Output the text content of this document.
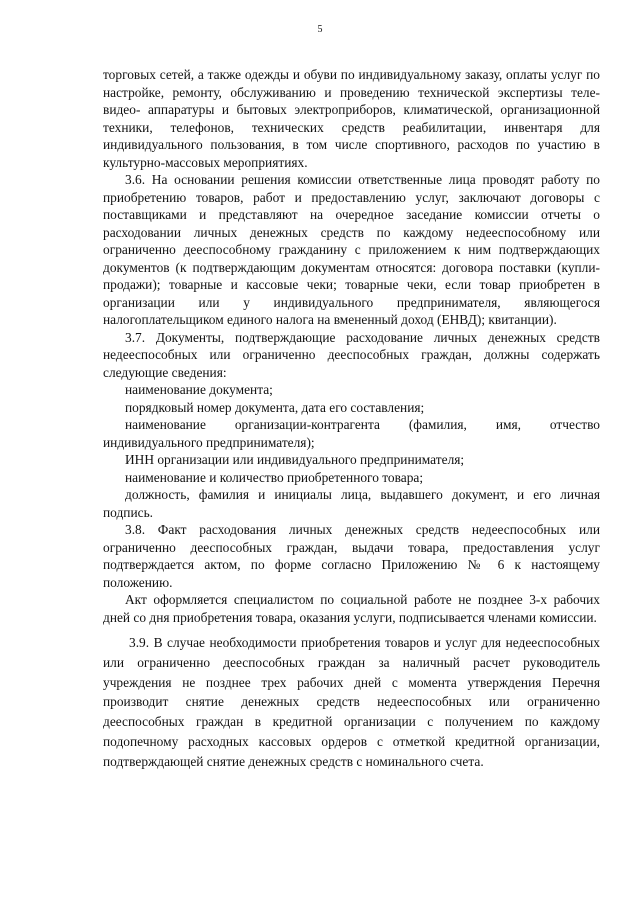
5

торговых сетей, а также одежды и обуви по индивидуальному заказу, оплаты услуг по настройке, ремонту, обслуживанию и проведению технической экспертизы теле- видео- аппаратуры и бытовых электроприборов, климатической, организационной техники, телефонов, технических средств реабилитации, инвентаря для индивидуального пользования, в том числе спортивного, расходов по участию в культурно-массовых мероприятиях.

3.6. На основании решения комиссии ответственные лица проводят работу по приобретению товаров, работ и предоставлению услуг, заключают договоры с поставщиками и представляют на очередное заседание комиссии отчеты о расходовании личных денежных средств по каждому недееспособному или ограниченно дееспособному гражданину с приложением к ним подтверждающих документов (к подтверждающим документам относятся: договора поставки (купли-продажи); товарные и кассовые чеки; товарные чеки, если товар приобретен в организации или у индивидуального предпринимателя, являющегося налогоплательщиком единого налога на вмененный доход (ЕНВД); квитанции).

3.7. Документы, подтверждающие расходование личных денежных средств недееспособных или ограниченно дееспособных граждан, должны содержать следующие сведения:

наименование документа;

порядковый номер документа, дата его составления;

наименование организации-контрагента (фамилия, имя, отчество индивидуального предпринимателя);

ИНН организации или индивидуального предпринимателя;

наименование и количество приобретенного товара;

должность, фамилия и инициалы лица, выдавшего документ, и его личная подпись.

3.8. Факт расходования личных денежных средств недееспособных или ограниченно дееспособных граждан, выдачи товара, предоставления услуг подтверждается актом, по форме согласно Приложению № 6 к настоящему положению.

Акт оформляется специалистом по социальной работе не позднее 3-х рабочих дней со дня приобретения товара, оказания услуги, подписывается членами комиссии.

3.9. В случае необходимости приобретения товаров и услуг для недееспособных или ограниченно дееспособных граждан за наличный расчет руководитель учреждения не позднее трех рабочих дней с момента утверждения Перечня производит снятие денежных средств недееспособных или ограниченно дееспособных граждан в кредитной организации с получением по каждому подопечному расходных кассовых ордеров с отметкой кредитной организации, подтверждающей снятие денежных средств с номинального счета.
